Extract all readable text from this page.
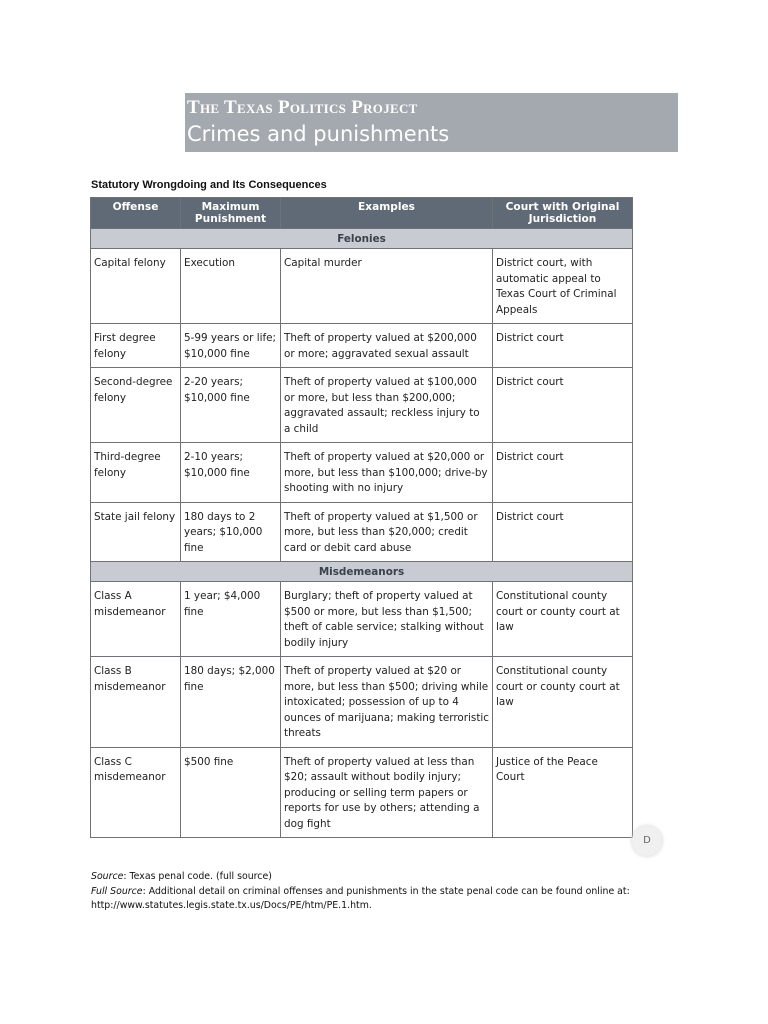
The Texas Politics Project
Crimes and punishments
Statutory Wrongdoing and Its Consequences
Offense	Maximum Punishment	Examples	Court with Original Jurisdiction
Felonies			
Capital felony	Execution	Capital murder	District court, with automatic appeal to Texas Court of Criminal Appeals
First degree felony	5-99 years or life; $10,000 fine	Theft of property valued at $200,000 or more; aggravated sexual assault	District court
Second-degree felony	2-20 years; $10,000 fine	Theft of property valued at $100,000 or more, but less than $200,000; aggravated assault; reckless injury to a child	District court
Third-degree felony	2-10 years; $10,000 fine	Theft of property valued at $20,000 or more, but less than $100,000; drive-by shooting with no injury	District court
State jail felony	180 days to 2 years; $10,000 fine	Theft of property valued at $1,500 or more, but less than $20,000; credit card or debit card abuse	District court
Misdemeanors			
Class A misdemeanor	1 year; $4,000 fine	Burglary; theft of property valued at $500 or more, but less than $1,500; theft of cable service; stalking without bodily injury	Constitutional county court or county court at law
Class B misdemeanor	180 days; $2,000 fine	Theft of property valued at $20 or more, but less than $500; driving while intoxicated; possession of up to 4 ounces of marijuana; making terroristic threats	Constitutional county court or county court at law
Class C misdemeanor	$500 fine	Theft of property valued at less than $20; assault without bodily injury; producing or selling term papers or reports for use by others; attending a dog fight	Justice of the Peace Court
D
Source: Texas penal code. (full source)
Full Source: Additional detail on criminal offenses and punishments in the state penal code can be found online at:
http://www.statutes.legis.state.tx.us/Docs/PE/htm/PE.1.htm.
